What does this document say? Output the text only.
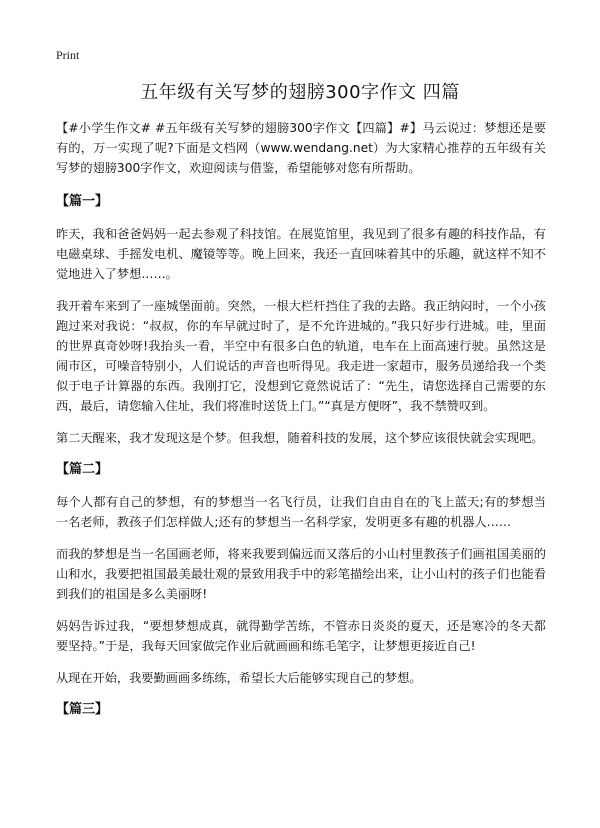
Print
五年级有关写梦的翅膀300字作文 四篇

【#小学生作文# #五年级有关写梦的翅膀300字作文【四篇】#】马云说过：梦想还是要有的，万一实现了呢?下面是文档网（www.wendang.net）为大家精心推荐的五年级有关写梦的翅膀300字作文，欢迎阅读与借鉴，希望能够对您有所帮助。

【篇一】

昨天，我和爸爸妈妈一起去参观了科技馆。在展览馆里，我见到了很多有趣的科技作品，有电磁桌球、手摇发电机、魔镜等等。晚上回来，我还一直回味着其中的乐趣，就这样不知不觉地进入了梦想……。

我开着车来到了一座城堡面前。突然，一根大栏杆挡住了我的去路。我正纳闷时，一个小孩跑过来对我说：“叔叔，你的车早就过时了，是不允许进城的。”我只好步行进城。哇，里面的世界真奇妙呀!我抬头一看，半空中有很多白色的轨道，电车在上面高速行驶。虽然这是闹市区，可噪音特别小，人们说话的声音也听得见。我走进一家超市，服务员递给我一个类似于电子计算器的东西。我刚打它，没想到它竟然说话了：“先生，请您选择自己需要的东西，最后，请您输入住址，我们将准时送货上门。”“真是方便呀”，我不禁赞叹到。

第二天醒来，我才发现这是个梦。但我想，随着科技的发展，这个梦应该很快就会实现吧。

【篇二】

每个人都有自己的梦想，有的梦想当一名飞行员，让我们自由自在的飞上蓝天;有的梦想当一名老师，教孩子们怎样做人;还有的梦想当一名科学家，发明更多有趣的机器人……

而我的梦想是当一名国画老师，将来我要到偏远而又落后的小山村里教孩子们画祖国美丽的山和水，我要把祖国最美最壮观的景致用我手中的彩笔描绘出来，让小山村的孩子们也能看到我们的祖国是多么美丽呀!

妈妈告诉过我，“要想梦想成真，就得勤学苦练，不管赤日炎炎的夏天，还是寒冷的冬天都要坚持。”于是，我每天回家做完作业后就画画和练毛笔字，让梦想更接近自己!

从现在开始，我要勤画画多练练，希望长大后能够实现自己的梦想。

【篇三】
